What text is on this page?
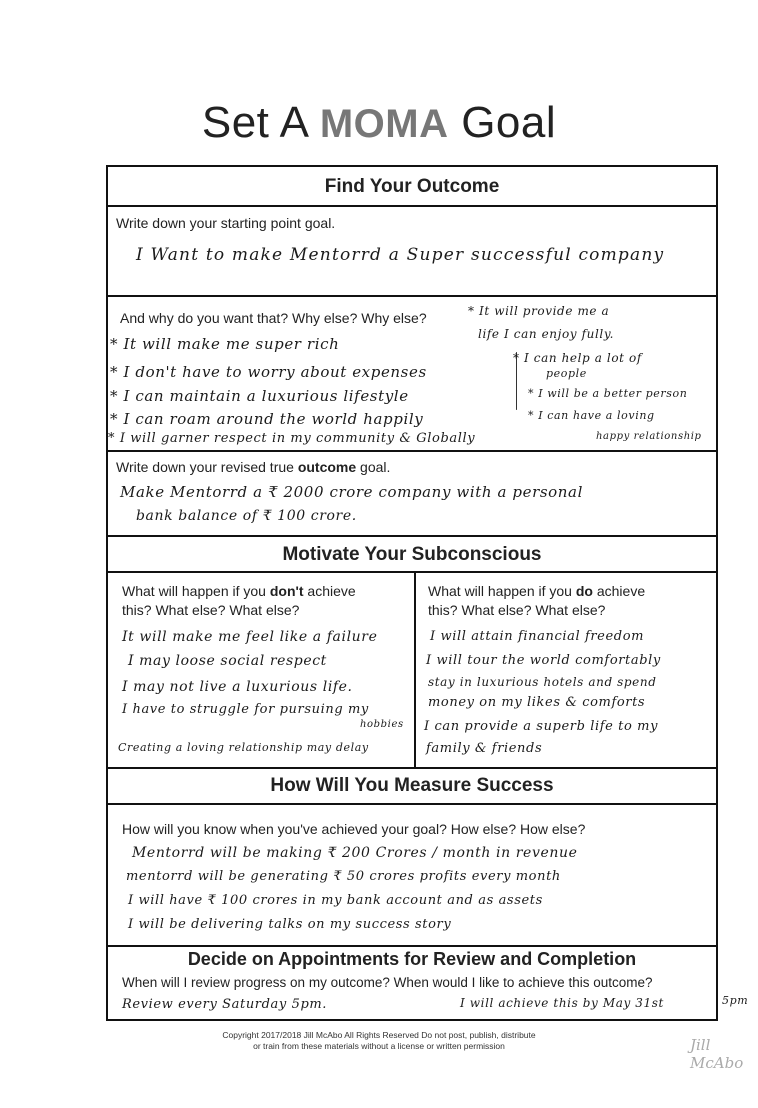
Set A MOMA Goal
Find Your Outcome
Write down your starting point goal.
I Want to make Mentorrd a Super successful company
And why do you want that? Why else? Why else?
* It will make me super rich
* I don't have to worry about expenses
* I can maintain a luxurious lifestyle
* I can roam around the world happily
* I will garner respect in my community & Globally
* It will provide me a
life I can enjoy fully.
* I can help a lot of
people
* I will be a better person
* I can have a loving
happy relationship
Write down your revised true outcome goal.
Make Mentorrd a ₹ 2000 crore company with a personal
bank balance of ₹ 100 crore.
Motivate Your Subconscious
What will happen if you don't achieve
this? What else? What else?
It will make me feel like a failure
I may loose social respect
I may not live a luxurious life.
I have to struggle for pursuing my
hobbies
Creating a loving relationship may delay
What will happen if you do achieve
this? What else? What else?
I will attain financial freedom
I will tour the world comfortably
stay in luxurious hotels and spend
money on my likes & comforts
I can provide a superb life to my
family & friends
How Will You Measure Success
How will you know when you've achieved your goal? How else? How else?
Mentorrd will be making ₹ 200 Crores / month in revenue
mentorrd will be generating ₹ 50 crores profits every month
I will have ₹ 100 crores in my bank account and as assets
I will be delivering talks on my success story
Decide on Appointments for Review and Completion
When will I review progress on my outcome? When would I like to achieve this outcome?
Review every Saturday 5pm.	I will achieve this by May 31st	5pm
Copyright 2017/2018 Jill McAbo All Rights Reserved Do not post, publish, distribute
or train from these materials without a license or written permission	Jill McAbo
